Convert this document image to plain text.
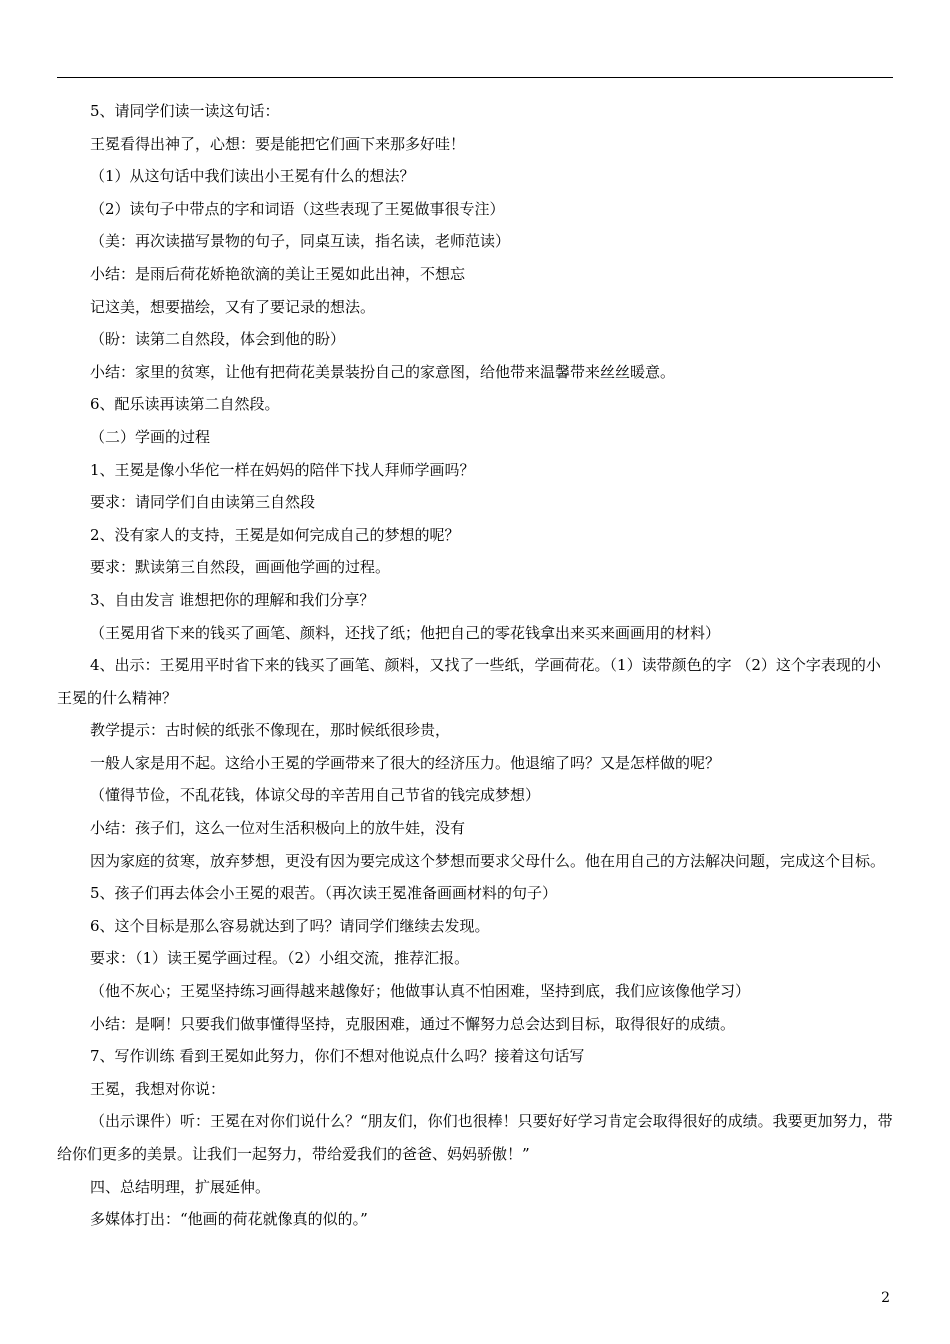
5、请同学们读一读这句话：

王冕看得出神了，心想：要是能把它们画下来那多好哇！

（1）从这句话中我们读出小王冕有什么的想法？

（2）读句子中带点的字和词语（这些表现了王冕做事很专注）

（美：再次读描写景物的句子，同桌互读，指名读，老师范读）

小结：是雨后荷花娇艳欲滴的美让王冕如此出神，不想忘

记这美，想要描绘，又有了要记录的想法。

（盼：读第二自然段，体会到他的盼）

小结：家里的贫寒，让他有把荷花美景装扮自己的家意图，给他带来温馨带来丝丝暖意。

6、配乐读再读第二自然段。

（二）学画的过程

1、王冕是像小华佗一样在妈妈的陪伴下找人拜师学画吗？

要求：请同学们自由读第三自然段

2、没有家人的支持，王冕是如何完成自己的梦想的呢？

要求：默读第三自然段，画画他学画的过程。

3、自由发言 谁想把你的理解和我们分享？

（王冕用省下来的钱买了画笔、颜料，还找了纸；他把自己的零花钱拿出来买来画画用的材料）

4、出示：王冕用平时省下来的钱买了画笔、颜料，又找了一些纸，学画荷花。（1）读带颜色的字 （2）这个字表现的小王冕的什么精神？

教学提示：古时候的纸张不像现在，那时候纸很珍贵，

一般人家是用不起。这给小王冕的学画带来了很大的经济压力。他退缩了吗？又是怎样做的呢？

（懂得节俭，不乱花钱，体谅父母的辛苦用自己节省的钱完成梦想）

小结：孩子们，这么一位对生活积极向上的放牛娃，没有

因为家庭的贫寒，放弃梦想，更没有因为要完成这个梦想而要求父母什么。他在用自己的方法解决问题，完成这个目标。

5、孩子们再去体会小王冕的艰苦。（再次读王冕准备画画材料的句子）

6、这个目标是那么容易就达到了吗？请同学们继续去发现。

要求：（1）读王冕学画过程。（2）小组交流，推荐汇报。

（他不灰心；王冕坚持练习画得越来越像好；他做事认真不怕困难，坚持到底，我们应该像他学习）

小结：是啊！只要我们做事懂得坚持，克服困难，通过不懈努力总会达到目标，取得很好的成绩。

7、写作训练 看到王冕如此努力，你们不想对他说点什么吗？接着这句话写

王冕，我想对你说：

（出示课件）听：王冕在对你们说什么？“朋友们，你们也很棒！只要好好学习肯定会取得很好的成绩。我要更加努力，带给你们更多的美景。让我们一起努力，带给爱我们的爸爸、妈妈骄傲！”

四、总结明理，扩展延伸。

多媒体打出：“他画的荷花就像真的似的。”

2
